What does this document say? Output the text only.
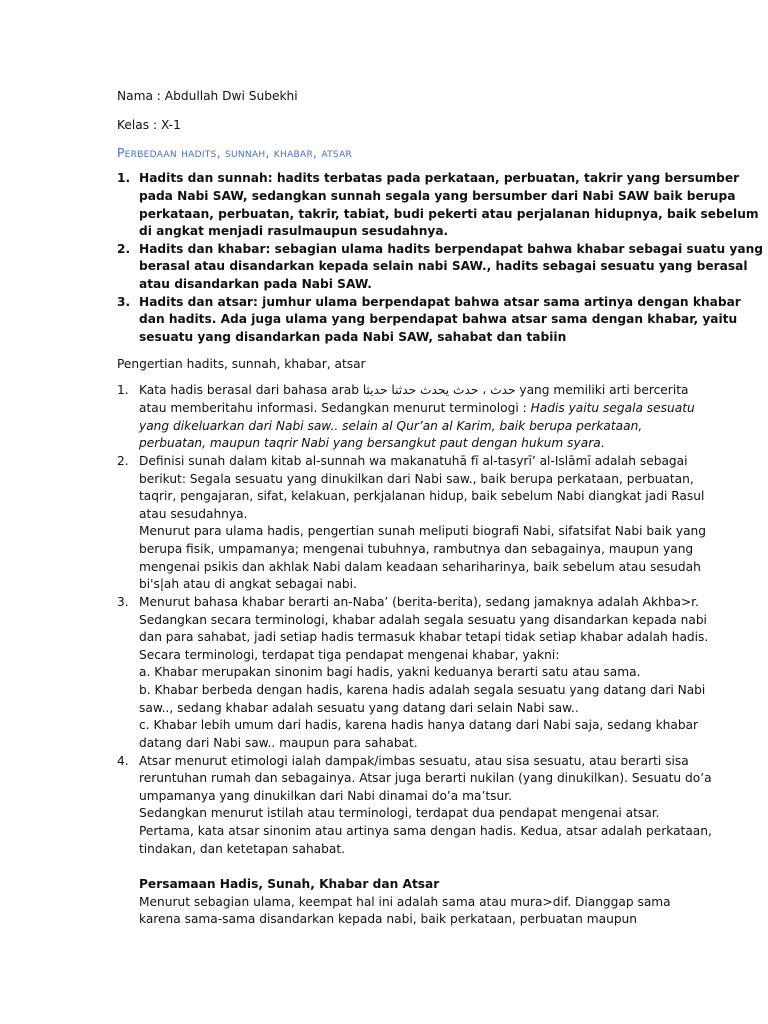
Nama : Abdullah Dwi Subekhi
Kelas : X-1
Perbedaan hadits, sunnah, khabar, atsar
1. Hadits dan sunnah: hadits terbatas pada perkataan, perbuatan, takrir yang bersumber
pada Nabi SAW, sedangkan sunnah segala yang bersumber dari Nabi SAW baik berupa
perkataan, perbuatan, takrir, tabiat, budi pekerti atau perjalanan hidupnya, baik sebelum
di angkat menjadi rasulmaupun sesudahnya.
2. Hadits dan khabar: sebagian ulama hadits berpendapat bahwa khabar sebagai suatu yang
berasal atau disandarkan kepada selain nabi SAW., hadits sebagai sesuatu yang berasal
atau disandarkan pada Nabi SAW.
3. Hadits dan atsar: jumhur ulama berpendapat bahwa atsar sama artinya dengan khabar
dan hadits. Ada juga ulama yang berpendapat bahwa atsar sama dengan khabar, yaitu
sesuatu yang disandarkan pada Nabi SAW, sahabat dan tabiin
Pengertian hadits, sunnah, khabar, atsar
1. Kata hadis berasal dari bahasa arab حدث ، حدث يحدث حدثنا حديثا yang memiliki arti bercerita
atau memberitahu informasi. Sedangkan menurut terminologi : Hadis yaitu segala sesuatu
yang dikeluarkan dari Nabi saw.. selain al Qur’an al Karim, baik berupa perkataan,
perbuatan, maupun taqrir Nabi yang bersangkut paut dengan hukum syara.
2. Definisi sunah dalam kitab al-sunnah wa makanatuhā fī al-tasyrī’ al-Islāmī adalah sebagai
berikut: Segala sesuatu yang dinukilkan dari Nabi saw., baik berupa perkataan, perbuatan,
taqrir, pengajaran, sifat, kelakuan, perkjalanan hidup, baik sebelum Nabi diangkat jadi Rasul
atau sesudahnya.
Menurut para ulama hadis, pengertian sunah meliputi biografi Nabi, sifatsifat Nabi baik yang
berupa fisik, umpamanya; mengenai tubuhnya, rambutnya dan sebagainya, maupun yang
mengenai psikis dan akhlak Nabi dalam keadaan sehariharinya, baik sebelum atau sesudah
bi's|ah atau di angkat sebagai nabi.
3. Menurut bahasa khabar berarti an-Naba’ (berita-berita), sedang jamaknya adalah Akhba>r.
Sedangkan secara terminologi, khabar adalah segala sesuatu yang disandarkan kepada nabi
dan para sahabat, jadi setiap hadis termasuk khabar tetapi tidak setiap khabar adalah hadis.
Secara terminologi, terdapat tiga pendapat mengenai khabar, yakni:
a. Khabar merupakan sinonim bagi hadis, yakni keduanya berarti satu atau sama.
b. Khabar berbeda dengan hadis, karena hadis adalah segala sesuatu yang datang dari Nabi
saw.., sedang khabar adalah sesuatu yang datang dari selain Nabi saw..
c. Khabar lebih umum dari hadis, karena hadis hanya datang dari Nabi saja, sedang khabar
datang dari Nabi saw.. maupun para sahabat.
4. Atsar menurut etimologi ialah dampak/imbas sesuatu, atau sisa sesuatu, atau berarti sisa
reruntuhan rumah dan sebagainya. Atsar juga berarti nukilan (yang dinukilkan). Sesuatu do’a
umpamanya yang dinukilkan dari Nabi dinamai do’a ma’tsur.
Sedangkan menurut istilah atau terminologi, terdapat dua pendapat mengenai atsar.
Pertama, kata atsar sinonim atau artinya sama dengan hadis. Kedua, atsar adalah perkataan,
tindakan, dan ketetapan sahabat.
Persamaan Hadis, Sunah, Khabar dan Atsar
Menurut sebagian ulama, keempat hal ini adalah sama atau mura>dif. Dianggap sama
karena sama-sama disandarkan kepada nabi, baik perkataan, perbuatan maupun
